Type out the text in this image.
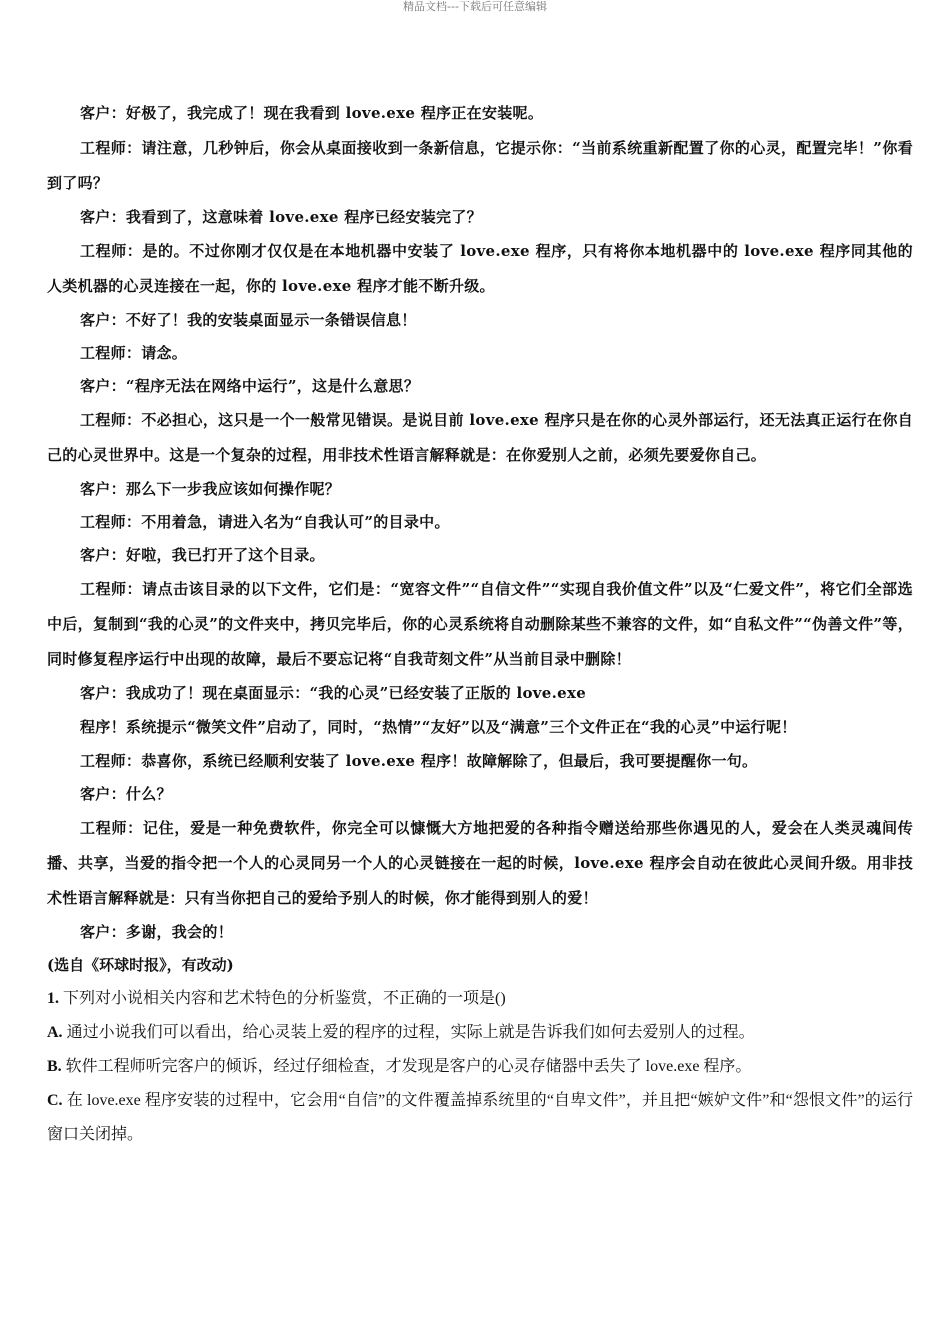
精品文档---下载后可任意编辑

客户：好极了，我完成了！现在我看到 love.exe 程序正在安装呢。

工程师：请注意，几秒钟后，你会从桌面接收到一条新信息，它提示你：“当前系统重新配置了你的心灵，配置完毕！”你看到了吗？

客户：我看到了，这意味着 love.exe 程序已经安装完了？

工程师：是的。不过你刚才仅仅是在本地机器中安装了 love.exe 程序，只有将你本地机器中的 love.exe 程序同其他的人类机器的心灵连接在一起，你的 love.exe 程序才能不断升级。

客户：不好了！我的安装桌面显示一条错误信息！

工程师：请念。

客户：“程序无法在网络中运行”，这是什么意思？

工程师：不必担心，这只是一个一般常见错误。是说目前 love.exe 程序只是在你的心灵外部运行，还无法真正运行在你自己的心灵世界中。这是一个复杂的过程，用非技术性语言解释就是：在你爱别人之前，必须先要爱你自己。

客户：那么下一步我应该如何操作呢？

工程师：不用着急，请进入名为“自我认可”的目录中。

客户：好啦，我已打开了这个目录。

工程师：请点击该目录的以下文件，它们是：“宽容文件”“自信文件”“实现自我价值文件”以及“仁爱文件”，将它们全部选中后，复制到“我的心灵”的文件夹中，拷贝完毕后，你的心灵系统将自动删除某些不兼容的文件，如“自私文件”“伪善文件”等，同时修复程序运行中出现的故障，最后不要忘记将“自我苛刻文件”从当前目录中删除！

客户：我成功了！现在桌面显示：“我的心灵”已经安装了正版的 love.exe

程序！系统提示“微笑文件”启动了，同时，“热情”“友好”以及“满意”三个文件正在“我的心灵”中运行呢！

工程师：恭喜你，系统已经顺利安装了 love.exe 程序！故障解除了，但最后，我可要提醒你一句。

客户：什么？

工程师：记住，爱是一种免费软件，你完全可以慷慨大方地把爱的各种指令赠送给那些你遇见的人，爱会在人类灵魂间传播、共享，当爱的指令把一个人的心灵同另一个人的心灵链接在一起的时候，love.exe 程序会自动在彼此心灵间升级。用非技术性语言解释就是：只有当你把自己的爱给予别人的时候，你才能得到别人的爱！

客户：多谢，我会的！

(选自《环球时报》，有改动)

1. 下列对小说相关内容和艺术特色的分析鉴赏，不正确的一项是()

A. 通过小说我们可以看出，给心灵装上爱的程序的过程，实际上就是告诉我们如何去爱别人的过程。

B. 软件工程师听完客户的倾诉，经过仔细检查，才发现是客户的心灵存储器中丢失了 love.exe 程序。

C. 在 love.exe 程序安装的过程中，它会用“自信”的文件覆盖掉系统里的“自卑文件”，并且把“嫉妒文件”和“怨恨文件”的运行窗口关闭掉。
